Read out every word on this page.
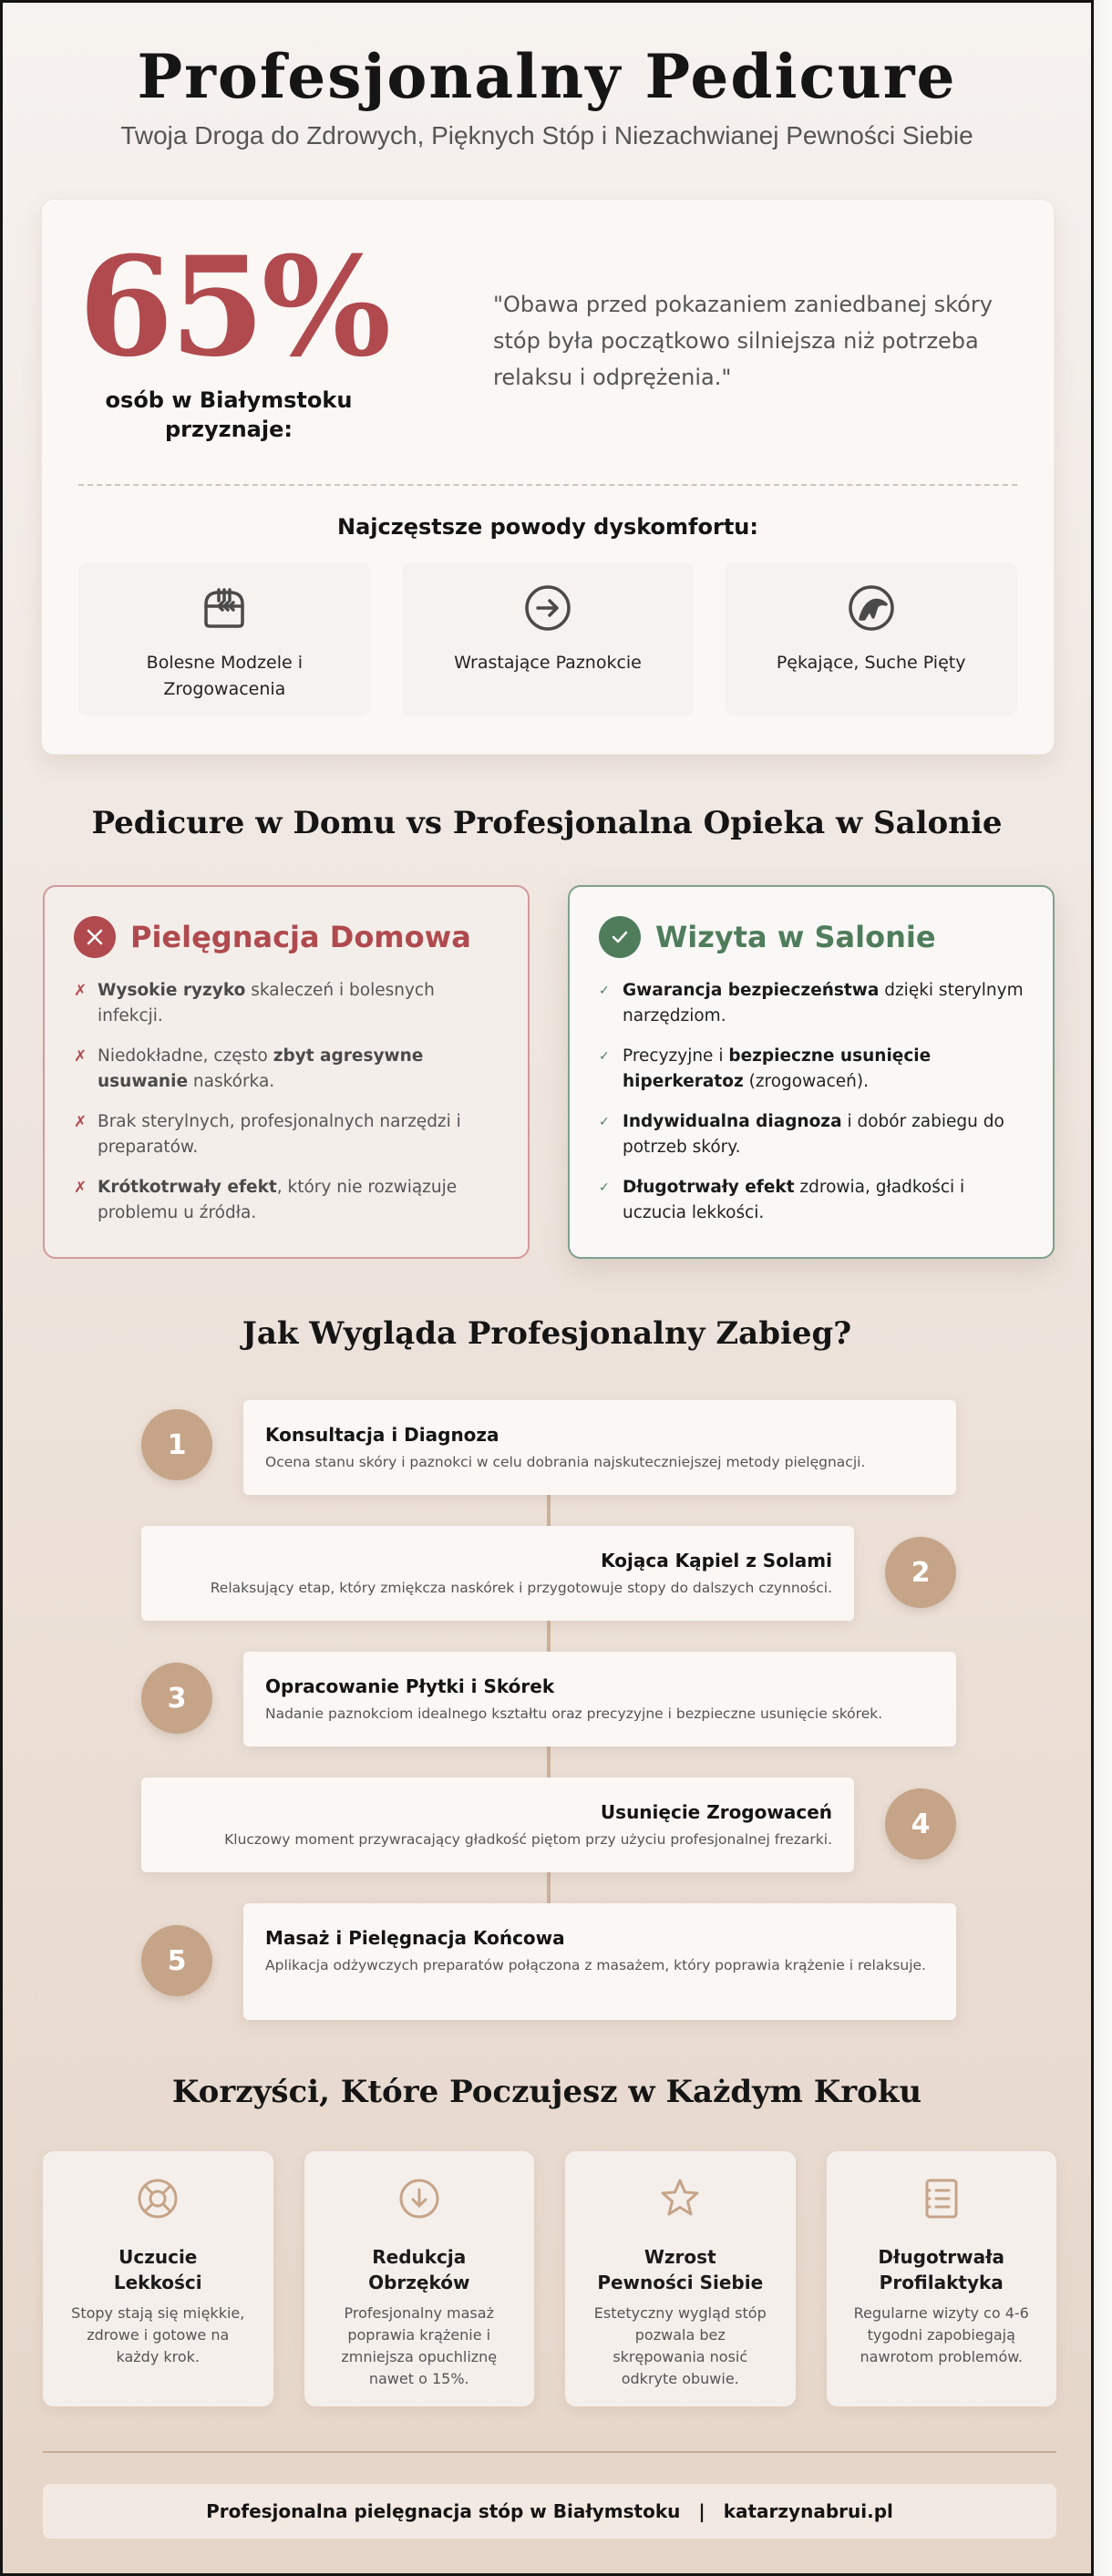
Profesjonalny Pedicure

Twoja Droga do Zdrowych, Pięknych Stóp i Niezachwianej Pewności Siebie

65%
osób w Białymstoku przyznaje:

"Obawa przed pokazaniem zaniedbanej skóry stóp była początkowo silniejsza niż potrzeba relaksu i odprężenia."

Najczęstsze powody dyskomfortu:
Bolesne Modzele i Zrogowacenia
Wrastające Paznokcie	Pękające, Suche Pięty
Pedicure w Domu vs Profesjonalna Opieka w Salonie
Pielęgnacja Domowa
✗ Wysokie ryzyko skaleczeń i bolesnych infekcji.
✗ Niedokładne, często zbyt agresywne usuwanie naskórka.
✗ Brak sterylnych, profesjonalnych narzędzi i preparatów.
✗ Krótkotrwały efekt, który nie rozwiązuje problemu u źródła.
Wizyta w Salonie
✓ Gwarancja bezpieczeństwa dzięki sterylnym narzędziom.
✓ Precyzyjne i bezpieczne usunięcie hiperkeratoz (zrogowaceń).
✓ Indywidualna diagnoza i dobór zabiegu do potrzeb skóry.
✓ Długotrwały efekt zdrowia, gładkości i uczucia lekkości.
Jak Wygląda Profesjonalny Zabieg?
1	Konsultacja i Diagnoza
Ocena stanu skóry i paznokci w celu dobrania najskuteczniejszej metody pielęgnacji.
Kojąca Kąpiel z Solami
Relaksujący etap, który zmiękcza naskórek i przygotowuje stopy do dalszych czynności.	2
3	Opracowanie Płytki i Skórek
Nadanie paznokciom idealnego kształtu oraz precyzyjne i bezpieczne usunięcie skórek.
Usunięcie Zrogowaceń
Kluczowy moment przywracający gładkość piętom przy użyciu profesjonalnej frezarki.	4
5
Masaż i Pielęgnacja Końcowa
Aplikacja odżywczych preparatów połączona z masażem, który poprawia krążenie i relaksuje.
Korzyści, Które Poczujesz w Każdym Kroku
Uczucie Lekkości
Stopy stają się miękkie, zdrowe i gotowe na każdy krok.
Redukcja Obrzęków
Profesjonalny masaż poprawia krążenie i zmniejsza opuchliznę nawet o 15%.
Wzrost Pewności Siebie
Estetyczny wygląd stóp pozwala bez skrępowania nosić odkryte obuwie.
Długotrwała Profilaktyka
Regularne wizyty co 4-6 tygodni zapobiegają nawrotom problemów.
Profesjonalna pielęgnacja stóp w Białymstoku | katarzynabrui.pl
